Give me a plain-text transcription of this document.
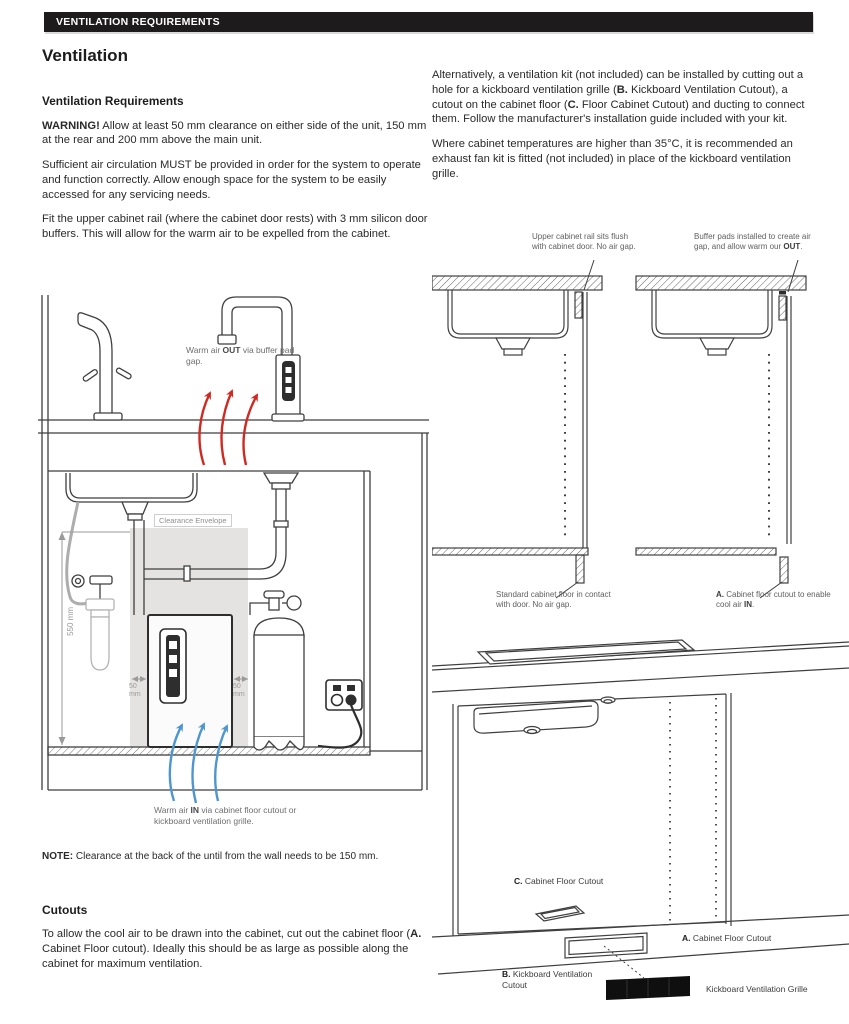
VENTILATION REQUIREMENTS
Ventilation
Ventilation Requirements

WARNING! Allow at least 50 mm clearance on either side of the unit, 150 mm at the rear and 200 mm above the main unit.

Sufficient air circulation MUST be provided in order for the system to operate and function correctly. Allow enough space for the system to be easily accessed for any servicing needs.

Fit the upper cabinet rail (where the cabinet door rests) with 3 mm silicon door buffers. This will allow for the warm air to be expelled from the cabinet.

Alternatively, a ventilation kit (not included) can be installed by cutting out a hole for a kickboard ventilation grille (B. Kickboard Ventilation Cutout), a cutout on the cabinet floor (C. Floor Cabinet Cutout) and ducting to connect them. Follow the manufacturer's installation guide included with your kit.

Where cabinet temperatures are higher than 35°C, it is recommended an exhaust fan kit is fitted (not included) in place of the kickboard ventilation grille.

Warm air OUT via buffer pad gap.
Clearance Envelope
550 mm
50 mm
50 mm
Warm air IN via cabinet floor cutout or kickboard ventilation grille.
NOTE: Clearance at the back of the until from the wall needs to be 150 mm.
Cutouts

To allow the cool air to be drawn into the cabinet, cut out the cabinet floor (A. Cabinet Floor cutout). Ideally this should be as large as possible along the cabinet for maximum ventilation.

Upper cabinet rail sits flush with cabinet door. No air gap.
Buffer pads installed to create air gap, and allow warm our OUT.
Standard cabinet floor in contact with door. No air gap.
A. Cabinet floor cutout to enable cool air IN.
C. Cabinet Floor Cutout
A. Cabinet Floor Cutout
B. Kickboard Ventilation Cutout	Kickboard Ventilation Grille
